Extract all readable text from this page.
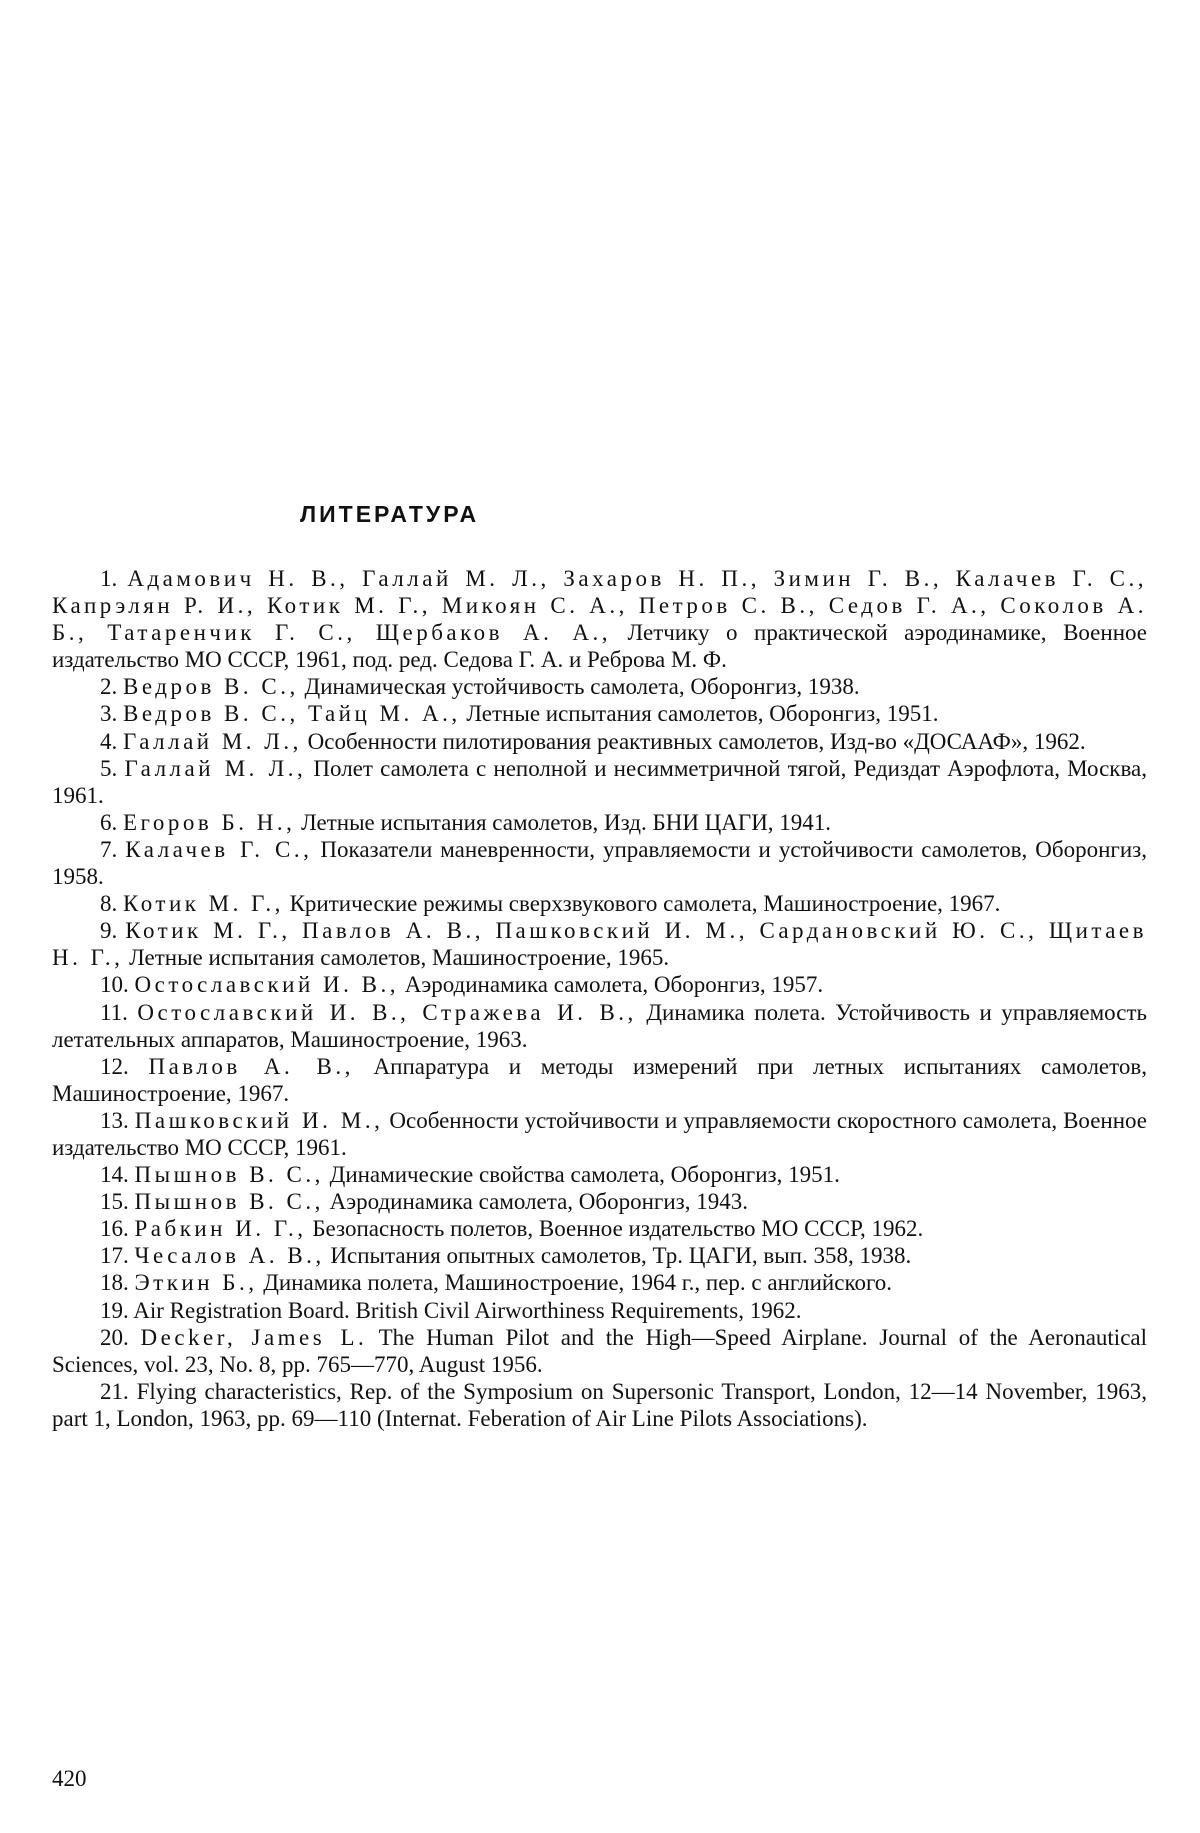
ЛИТЕРАТУРА
1. Адамович Н. В., Галлай М. Л., Захаров Н. П., Зимин Г. В., Калачев Г. С., Капрэлян Р. И., Котик М. Г., Микоян С. А., Петров С. В., Седов Г. А., Соколов А. Б., Татаренчик Г. С., Щербаков А. А., Летчику о практической аэродинамике, Военное издательство МО СССР, 1961, под. ред. Седова Г. А. и Реброва М. Ф.
2. Ведров В. С., Динамическая устойчивость самолета, Оборонгиз, 1938.
3. Ведров В. С., Тайц М. А., Летные испытания самолетов, Оборонгиз, 1951.
4. Галлай М. Л., Особенности пилотирования реактивных самолетов, Изд-во «ДОСААФ», 1962.
5. Галлай М. Л., Полет самолета с неполной и несимметричной тягой, Редиздат Аэрофлота, Москва, 1961.
6. Егоров Б. Н., Летные испытания самолетов, Изд. БНИ ЦАГИ, 1941.
7. Калачев Г. С., Показатели маневренности, управляемости и устойчивости самолетов, Оборонгиз, 1958.
8. Котик М. Г., Критические режимы сверхзвукового самолета, Машиностроение, 1967.
9. Котик М. Г., Павлов А. В., Пашковский И. М., Сардановский Ю. С., Щитаев Н. Г., Летные испытания самолетов, Машиностроение, 1965.
10. Остославский И. В., Аэродинамика самолета, Оборонгиз, 1957.
11. Остославский И. В., Стражева И. В., Динамика полета. Устойчивость и управляемость летательных аппаратов, Машиностроение, 1963.
12. Павлов А. В., Аппаратура и методы измерений при летных испытаниях самолетов, Машиностроение, 1967.
13. Пашковский И. М., Особенности устойчивости и управляемости скоростного самолета, Военное издательство МО СССР, 1961.
14. Пышнов В. С., Динамические свойства самолета, Оборонгиз, 1951.
15. Пышнов В. С., Аэродинамика самолета, Оборонгиз, 1943.
16. Рабкин И. Г., Безопасность полетов, Военное издательство МО СССР, 1962.
17. Чесалов А. В., Испытания опытных самолетов, Тр. ЦАГИ, вып. 358, 1938.
18. Эткин Б., Динамика полета, Машиностроение, 1964 г., пер. с английского.
19. Air Registration Board. British Civil Airworthiness Requirements, 1962.
20. Decker, James L. The Human Pilot and the High—Speed Airplane. Journal of the Aeronautical Sciences, vol. 23, No. 8, pp. 765—770, August 1956.
21. Flying characteristics, Rep. of the Symposium on Supersonic Transport, London, 12—14 November, 1963, part 1, London, 1963, pp. 69—110 (Internat. Feberation of Air Line Pilots Associations).
420
